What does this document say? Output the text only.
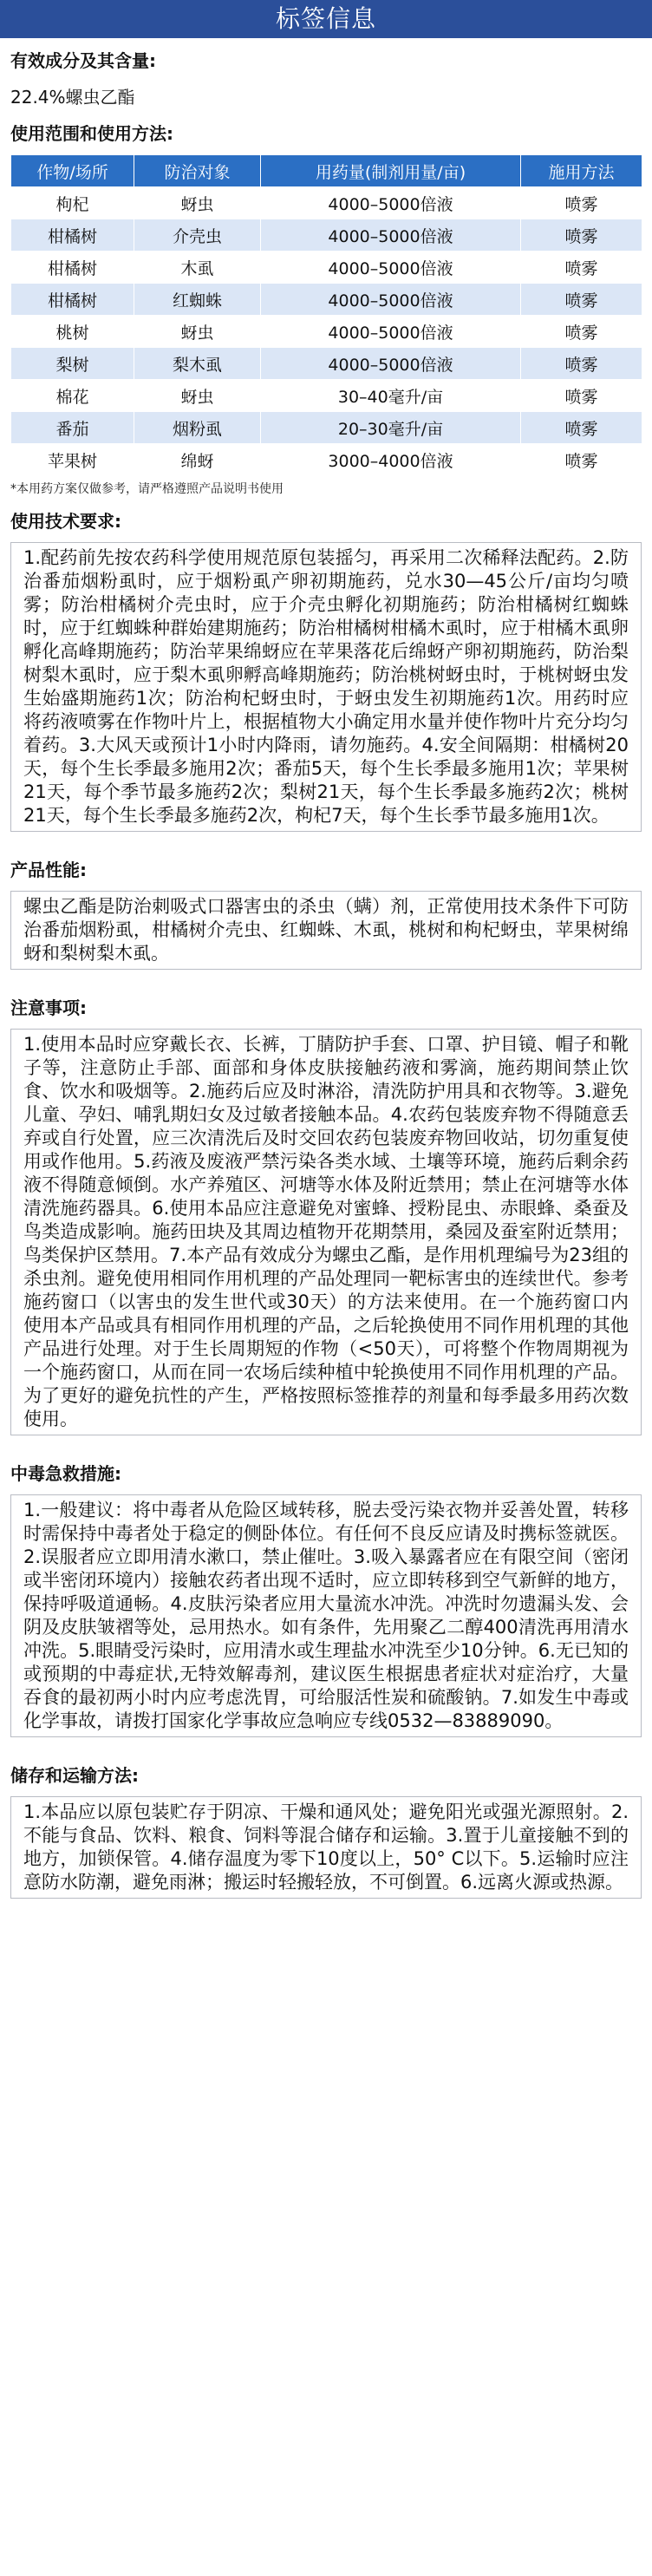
标签信息
有效成分及其含量:
22.4%螺虫乙酯
使用范围和使用方法:
作物/场所	防治对象	用药量(制剂用量/亩)	施用方法
枸杞	蚜虫	4000–5000倍液	喷雾
柑橘树	介壳虫	4000–5000倍液	喷雾
柑橘树	木虱	4000–5000倍液	喷雾
柑橘树	红蜘蛛	4000–5000倍液	喷雾
桃树	蚜虫	4000–5000倍液	喷雾
梨树	梨木虱	4000–5000倍液	喷雾
棉花	蚜虫	30–40毫升/亩	喷雾
番茄	烟粉虱	20–30毫升/亩	喷雾
苹果树	绵蚜	3000–4000倍液	喷雾
*本用药方案仅做参考，请严格遵照产品说明书使用
使用技术要求:

1.配药前先按农药科学使用规范原包装摇匀，再采用二次稀释法配药。2.防治番茄烟粉虱时，应于烟粉虱产卵初期施药，兑水30—45公斤/亩均匀喷雾；防治柑橘树介壳虫时，应于介壳虫孵化初期施药；防治柑橘树红蜘蛛时，应于红蜘蛛种群始建期施药；防治柑橘树柑橘木虱时，应于柑橘木虱卵孵化高峰期施药；防治苹果绵蚜应在苹果落花后绵蚜产卵初期施药，防治梨树梨木虱时，应于梨木虱卵孵高峰期施药；防治桃树蚜虫时，于桃树蚜虫发生始盛期施药1次；防治枸杞蚜虫时，于蚜虫发生初期施药1次。用药时应将药液喷雾在作物叶片上，根据植物大小确定用水量并使作物叶片充分均匀着药。3.大风天或预计1小时内降雨，请勿施药。4.安全间隔期：柑橘树20天，每个生长季最多施用2次；番茄5天，每个生长季最多施用1次；苹果树21天，每个季节最多施药2次；梨树21天，每个生长季最多施药2次；桃树21天，每个生长季最多施药2次，枸杞7天，每个生长季节最多施用1次。

产品性能:

螺虫乙酯是防治刺吸式口器害虫的杀虫（螨）剂，正常使用技术条件下可防治番茄烟粉虱，柑橘树介壳虫、红蜘蛛、木虱，桃树和枸杞蚜虫，苹果树绵蚜和梨树梨木虱。

注意事项:

1.使用本品时应穿戴长衣、长裤，丁腈防护手套、口罩、护目镜、帽子和靴子等，注意防止手部、面部和身体皮肤接触药液和雾滴，施药期间禁止饮食、饮水和吸烟等。2.施药后应及时淋浴，清洗防护用具和衣物等。3.避免儿童、孕妇、哺乳期妇女及过敏者接触本品。4.农药包装废弃物不得随意丢弃或自行处置，应三次清洗后及时交回农药包装废弃物回收站，切勿重复使用或作他用。5.药液及废液严禁污染各类水域、土壤等环境，施药后剩余药液不得随意倾倒。水产养殖区、河塘等水体及附近禁用；禁止在河塘等水体清洗施药器具。6.使用本品应注意避免对蜜蜂、授粉昆虫、赤眼蜂、桑蚕及鸟类造成影响。施药田块及其周边植物开花期禁用，桑园及蚕室附近禁用；鸟类保护区禁用。7.本产品有效成分为螺虫乙酯，是作用机理编号为23组的杀虫剂。避免使用相同作用机理的产品处理同一靶标害虫的连续世代。参考施药窗口（以害虫的发生世代或30天）的方法来使用。在一个施药窗口内使用本产品或具有相同作用机理的产品，之后轮换使用不同作用机理的其他产品进行处理。对于生长周期短的作物（<50天），可将整个作物周期视为一个施药窗口，从而在同一农场后续种植中轮换使用不同作用机理的产品。为了更好的避免抗性的产生，严格按照标签推荐的剂量和每季最多用药次数使用。

中毒急救措施:

1.一般建议：将中毒者从危险区域转移，脱去受污染衣物并妥善处置，转移时需保持中毒者处于稳定的侧卧体位。有任何不良反应请及时携标签就医。2.误服者应立即用清水漱口，禁止催吐。3.吸入暴露者应在有限空间（密闭或半密闭环境内）接触农药者出现不适时，应立即转移到空气新鲜的地方，保持呼吸道通畅。4.皮肤污染者应用大量流水冲洗。冲洗时勿遗漏头发、会阴及皮肤皱褶等处，忌用热水。如有条件，先用聚乙二醇400清洗再用清水冲洗。5.眼睛受污染时，应用清水或生理盐水冲洗至少10分钟。6.无已知的或预期的中毒症状,无特效解毒剂，建议医生根据患者症状对症治疗，大量吞食的最初两小时内应考虑洗胃，可给服活性炭和硫酸钠。7.如发生中毒或化学事故，请拨打国家化学事故应急响应专线0532—83889090。

储存和运输方法:

1.本品应以原包装贮存于阴凉、干燥和通风处；避免阳光或强光源照射。2.不能与食品、饮料、粮食、饲料等混合储存和运输。3.置于儿童接触不到的地方，加锁保管。4.储存温度为零下10度以上，50° C以下。5.运输时应注意防水防潮，避免雨淋；搬运时轻搬轻放，不可倒置。6.远离火源或热源。
